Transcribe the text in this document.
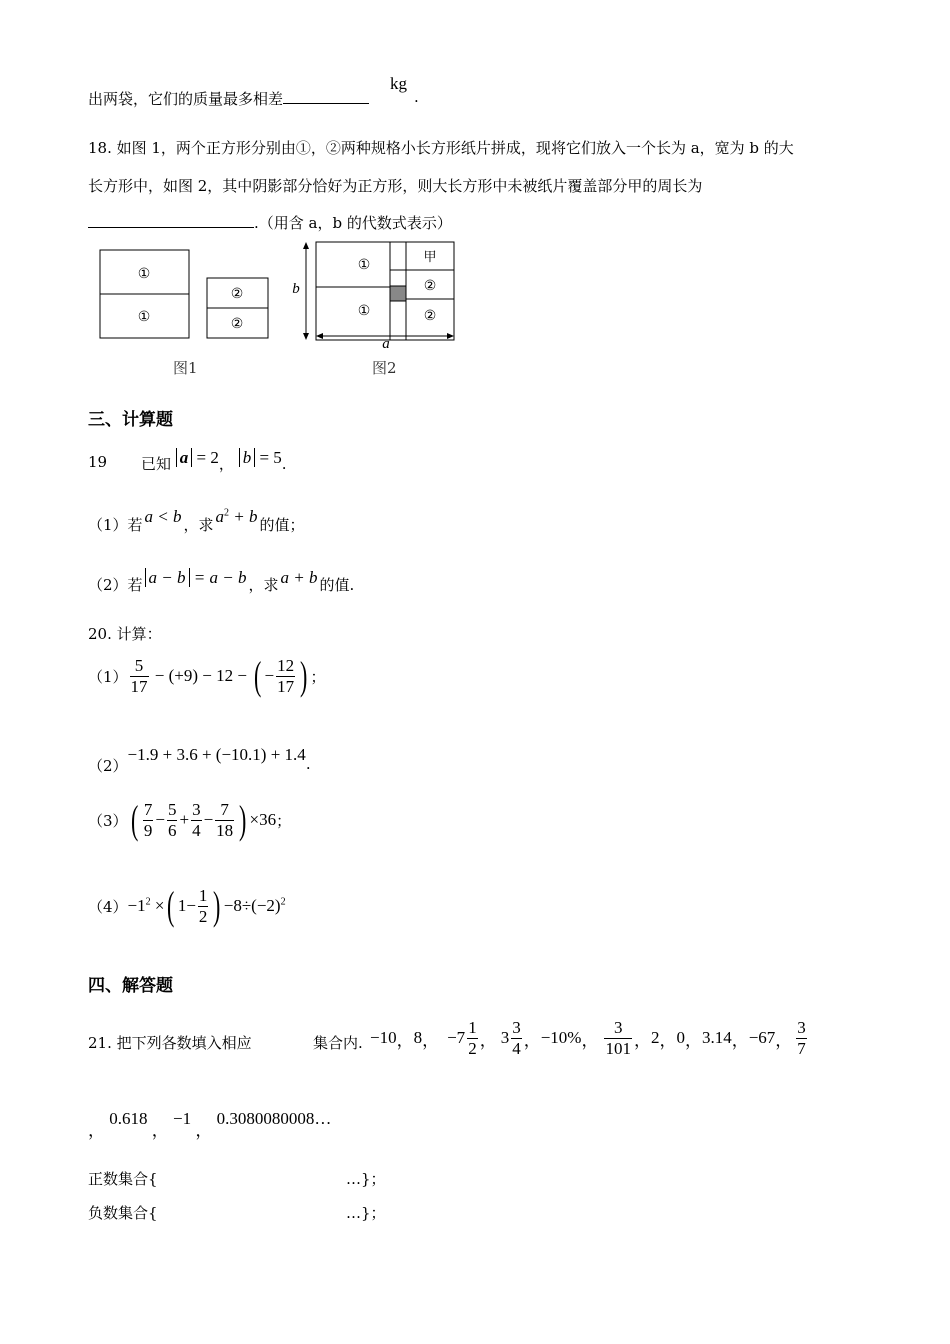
出两袋，它们的质量最多相差
kg
.
18. 如图 1，两个正方形分别由①，②两种规格小长方形纸片拼成，现将它们放入一个长为 a，宽为 b 的大
长方形中，如图 2，其中阴影部分恰好为正方形，则大长方形中未被纸片覆盖部分甲的周长为
.（用含 a，b 的代数式表示）
①
①
②
②
①
①
甲
②
②
b
a
图1	图2
三、计算题
19 已知 a = 2， b = 5.
（1）若 a < b ，求 $a^2 + b$ 的值；
（2）若 a − b = a − b ，求 a + b 的值.
20. 计算：
$(1) \frac{5}{17} - (+9) - 12$ − ( − $\frac{12}{17}$ ) ；
（2）
−1.9 + 3.6 + (−10.1) + 1.4 .
（3） ( $\frac{7}{9} - \frac{5}{6} + \frac{3}{4} - \frac{7}{18}$ ) ×36 ；
$(4) -1^2$ × ( $1- \frac{1}{2}$ ) $-8\div(-2)^2$
四、解答题
21. 把下列各数填入相应	集合内. −10 ， 8 ， $-7 \frac{1}{2}$ ， $3 \frac{3}{4}$ ， −10% ， $\frac{3}{101}$ ， 2 ， 0 ， 3.14 ， −67 ， $\frac{3}{7}$
， 0.618 ， −1 ， 0.3080080008…
正数集合{	…}；
负数集合{	…}；
